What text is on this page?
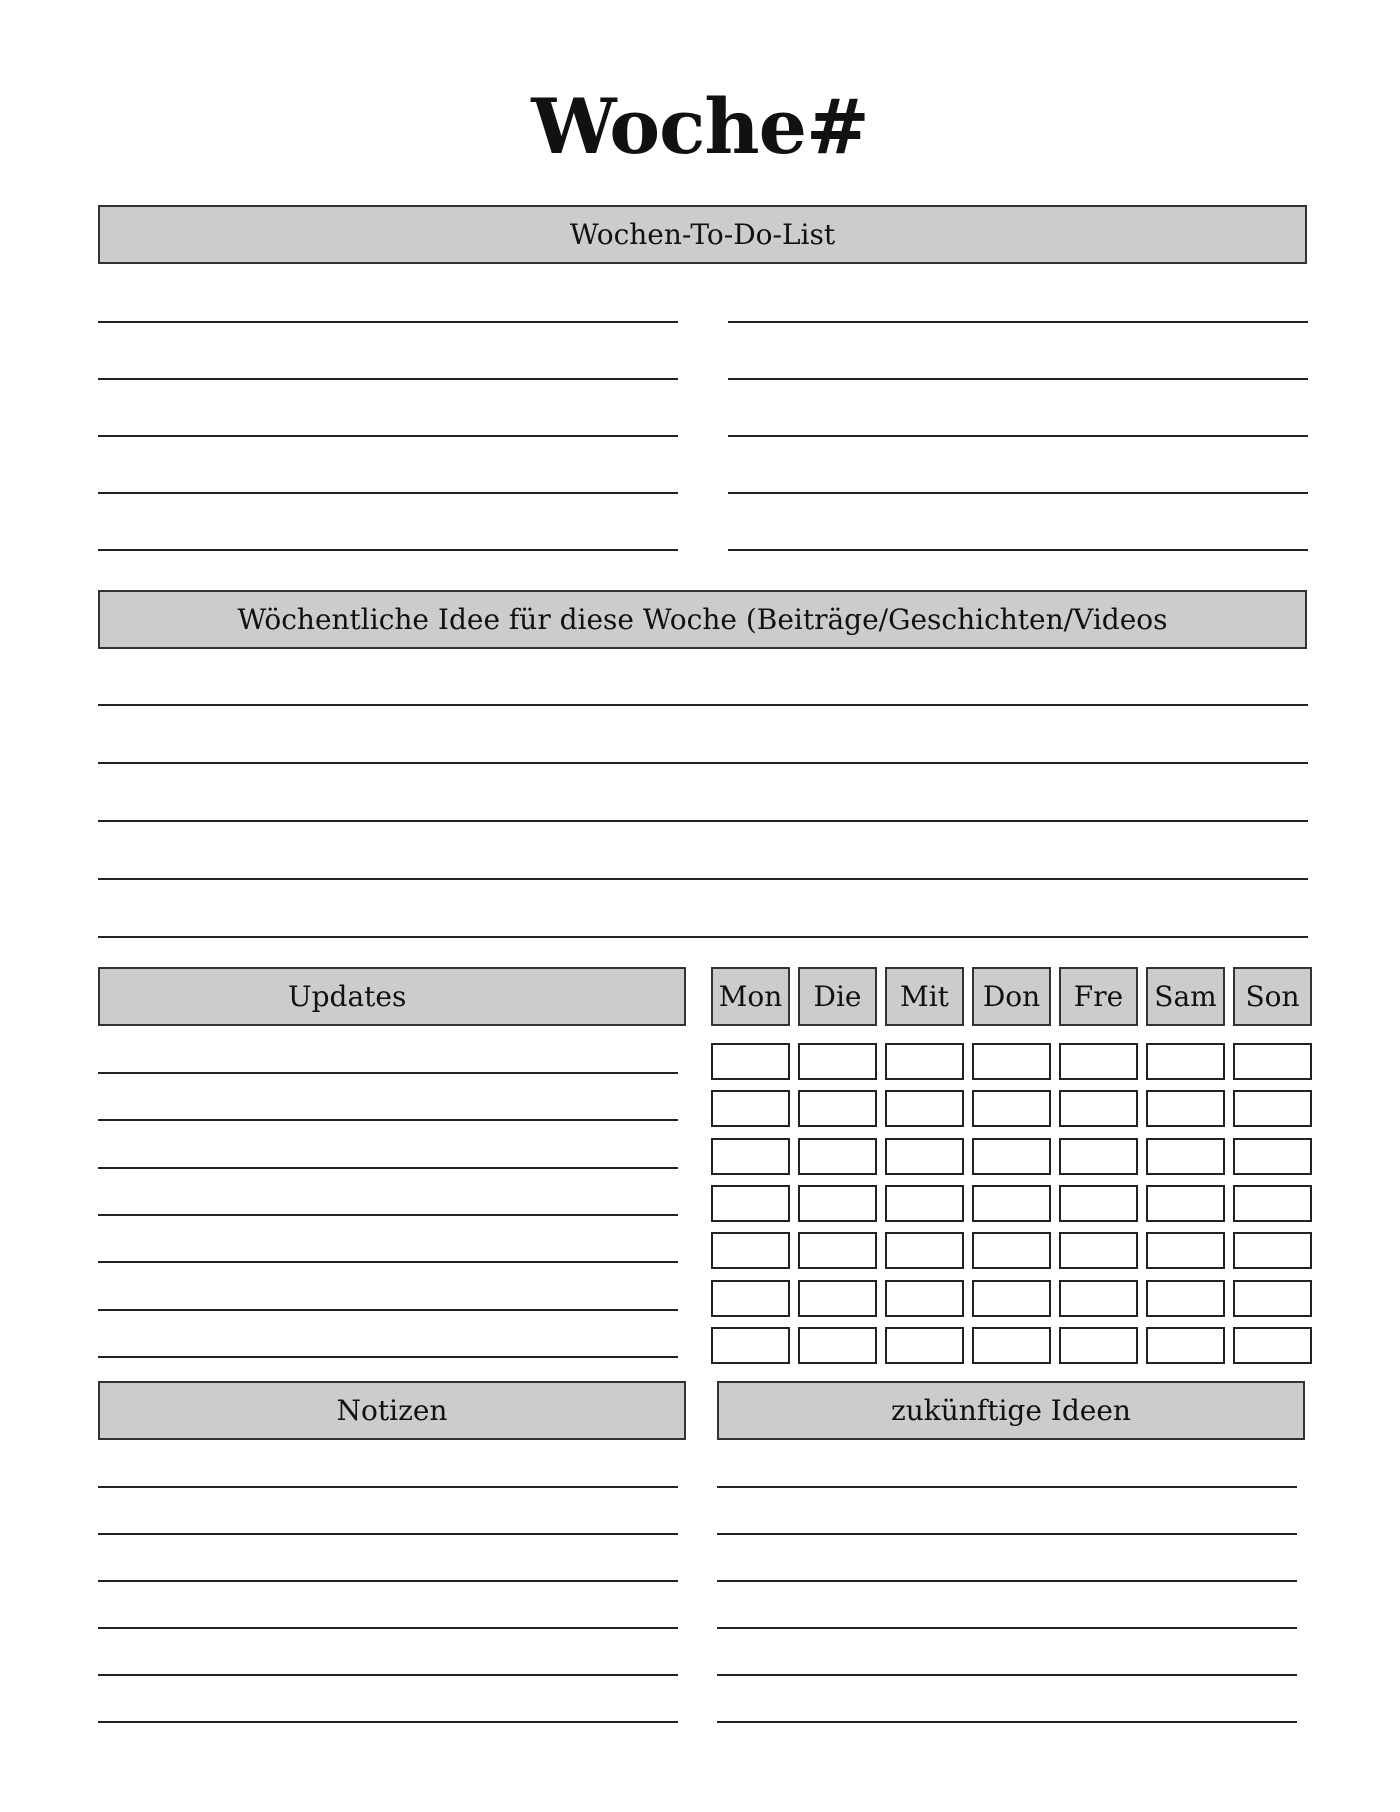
Woche#
Wochen-To-Do-List
Wöchentliche Idee für diese Woche (Beiträge/Geschichten/Videos
Updates	Mon	Die	Mit	Don	Fre	Sam	Son
Notizen	zukünftige Ideen
